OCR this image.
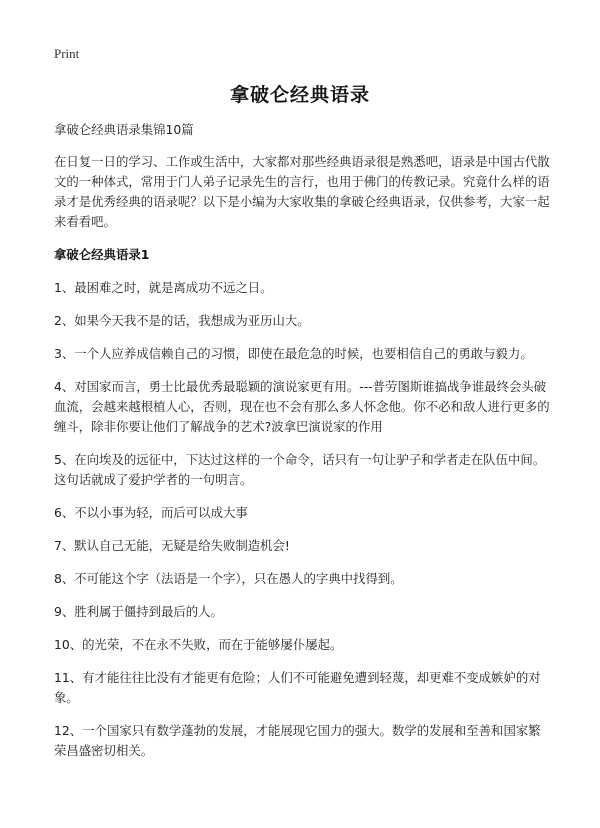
Print
拿破仑经典语录

拿破仑经典语录集锦10篇

在日复一日的学习、工作或生活中，大家都对那些经典语录很是熟悉吧，语录是中国古代散文的一种体式，常用于门人弟子记录先生的言行，也用于佛门的传教记录。究竟什么样的语录才是优秀经典的语录呢？以下是小编为大家收集的拿破仑经典语录，仅供参考，大家一起来看看吧。

拿破仑经典语录1

1、最困难之时，就是离成功不远之日。

2、如果今天我不是的话，我想成为亚历山大。

3、一个人应养成信赖自己的习惯，即使在最危急的时候，也要相信自己的勇敢与毅力。

4、对国家而言，勇士比最优秀最聪颖的演说家更有用。---普劳图斯谁搞战争谁最终会头破血流，会越来越根植人心，否则，现在也不会有那么多人怀念他。你不必和敌人进行更多的缠斗，除非你要让他们了解战争的艺术?波拿巴演说家的作用

5、在向埃及的远征中，下达过这样的一个命令，话只有一句让驴子和学者走在队伍中间。这句话就成了爱护学者的一句明言。

6、不以小事为轻，而后可以成大事

7、默认自己无能，无疑是给失败制造机会!

8、不可能这个字（法语是一个字），只在愚人的字典中找得到。

9、胜利属于僵持到最后的人。

10、的光荣，不在永不失败，而在于能够屡仆屡起。

11、有才能往往比没有才能更有危险；人们不可能避免遭到轻蔑，却更难不变成嫉妒的对象。

12、一个国家只有数学蓬勃的发展，才能展现它国力的强大。数学的发展和至善和国家繁荣昌盛密切相关。
